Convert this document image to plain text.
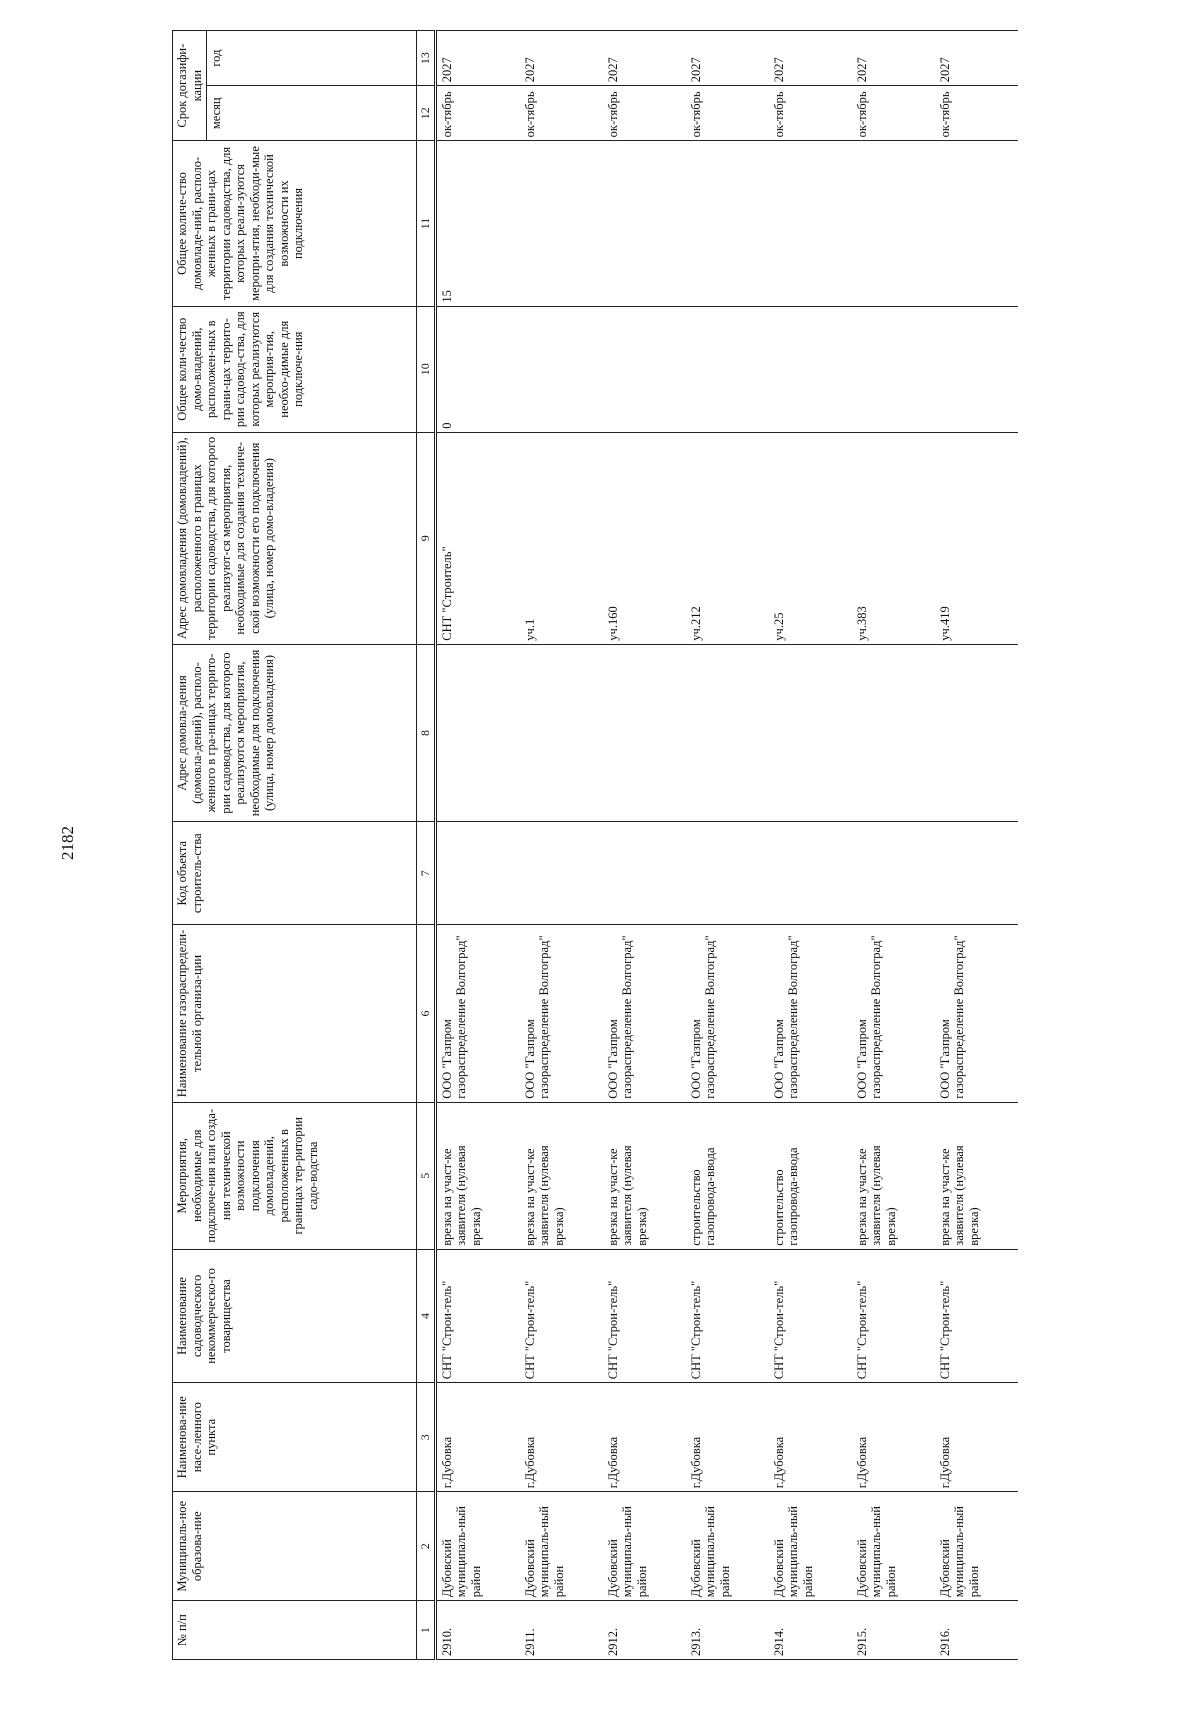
2182
№ п/п	Муниципаль-ное образова-ние	Наименова-ние насе-ленного пункта	Наименование садоводческого некоммерческо-го товарищества	Мероприятия, необходимые для подключе-ния или созда-ния технической возможности подключения домовладений, расположенных в границах тер-ритории садо-водства	Наименование газораспредели-тельной организа-ции	Код объекта строитель-ства	Адрес домовла-дения (домовла-дений), располо-женного в гра-ницах террито-рии садоводства, для которого реализуются мероприятия, необходимые для подключения (улица, номер домовладения)	Адрес домовладения (домовладений), расположенного в границах территории садоводства, для которого реализуют-ся мероприятия, необходимые для создания техниче-ской возможности его подключения (улица, номер домо-владения)	Общее коли-чество домо-владений, расположен-ных в грани-цах террито-рии садовод-ства, для которых реализуются мероприя-тия, необхо-димые для подключе-ния	Общее количе-ство домовладе-ний, располо-женных в грани-цах территории садоводства, для которых реали-зуются меропри-ятия, необходи-мые для создания технической возможности их подключения	Срок догазифи-кации	
											месяц	год
1	2	3	4	5	6	7	8	9	10	11	12	13
2910.	Дубовский муниципаль-ный район	г.Дубовка	СНТ "Строи-тель"	врезка на участ-ке заявителя (нулевая врезка)	ООО "Газпром газораспределение Волгоград"			СНТ "Строитель"	0	15	ок-тябрь	2027
2911.	Дубовский муниципаль-ный район	г.Дубовка	СНТ "Строи-тель"	врезка на участ-ке заявителя (нулевая врезка)	ООО "Газпром газораспределение Волгоград"			уч.1			ок-тябрь	2027
2912.	Дубовский муниципаль-ный район	г.Дубовка	СНТ "Строи-тель"	врезка на участ-ке заявителя (нулевая врезка)	ООО "Газпром газораспределение Волгоград"			уч.160			ок-тябрь	2027
2913.	Дубовский муниципаль-ный район	г.Дубовка	СНТ "Строи-тель"	строительство газопровода-ввода	ООО "Газпром газораспределение Волгоград"			уч.212			ок-тябрь	2027
2914.	Дубовский муниципаль-ный район	г.Дубовка	СНТ "Строи-тель"	строительство газопровода-ввода	ООО "Газпром газораспределение Волгоград"			уч.25			ок-тябрь	2027
2915.	Дубовский муниципаль-ный район	г.Дубовка	СНТ "Строи-тель"	врезка на участ-ке заявителя (нулевая врезка)	ООО "Газпром газораспределение Волгоград"			уч.383			ок-тябрь	2027
2916.	Дубовский муниципаль-ный район	г.Дубовка	СНТ "Строи-тель"	врезка на участ-ке заявителя (нулевая врезка)	ООО "Газпром газораспределение Волгоград"			уч.419			ок-тябрь	2027
